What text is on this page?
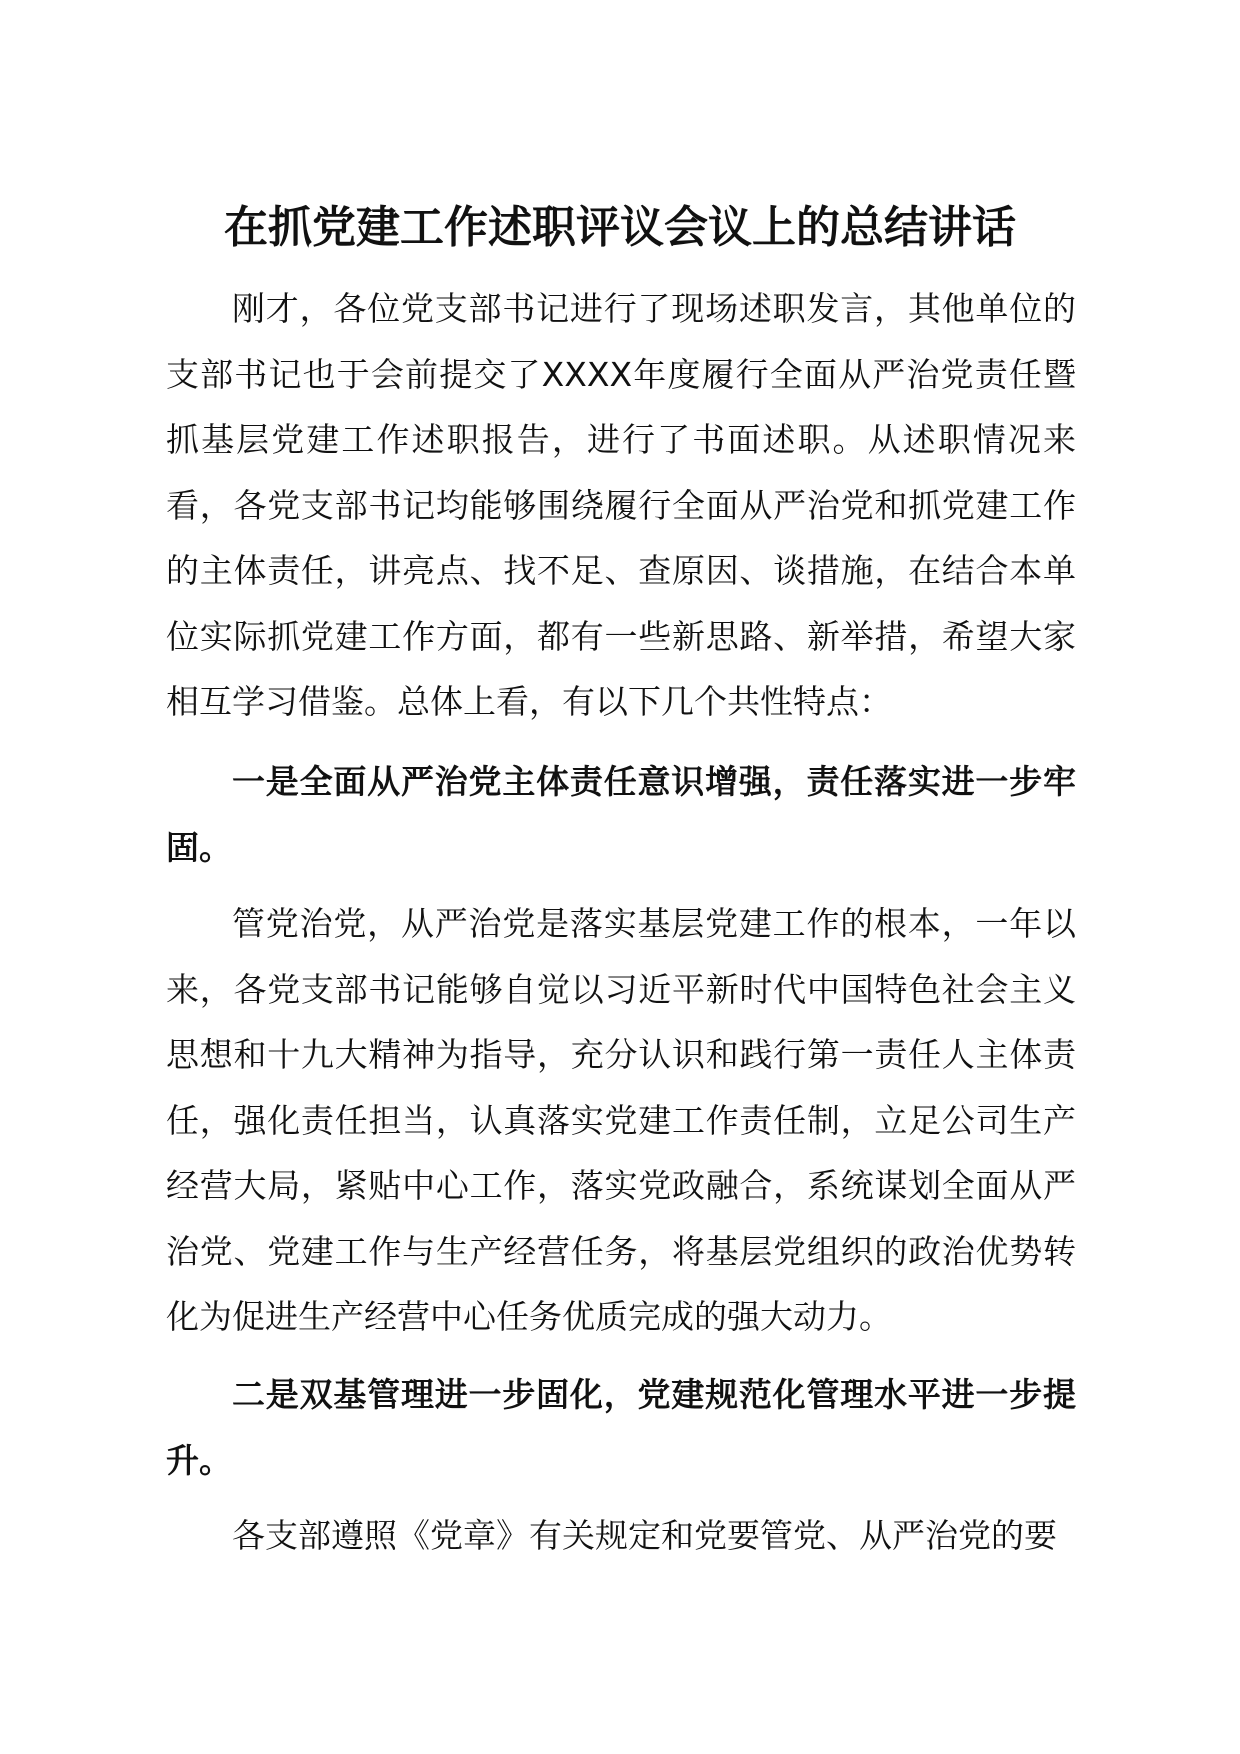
在抓党建工作述职评议会议上的总结讲话

刚才，各位党支部书记进行了现场述职发言，其他单位的支部书记也于会前提交了XXXX年度履行全面从严治党责任暨抓基层党建工作述职报告，进行了书面述职。从述职情况来看，各党支部书记均能够围绕履行全面从严治党和抓党建工作的主体责任，讲亮点、找不足、查原因、谈措施，在结合本单位实际抓党建工作方面，都有一些新思路、新举措，希望大家相互学习借鉴。总体上看，有以下几个共性特点：

一是全面从严治党主体责任意识增强，责任落实进一步牢固。

管党治党，从严治党是落实基层党建工作的根本，一年以来，各党支部书记能够自觉以习近平新时代中国特色社会主义思想和十九大精神为指导，充分认识和践行第一责任人主体责任，强化责任担当，认真落实党建工作责任制，立足公司生产经营大局，紧贴中心工作，落实党政融合，系统谋划全面从严治党、党建工作与生产经营任务，将基层党组织的政治优势转化为促进生产经营中心任务优质完成的强大动力。

二是双基管理进一步固化，党建规范化管理水平进一步提升。

各支部遵照《党章》有关规定和党要管党、从严治党的要
